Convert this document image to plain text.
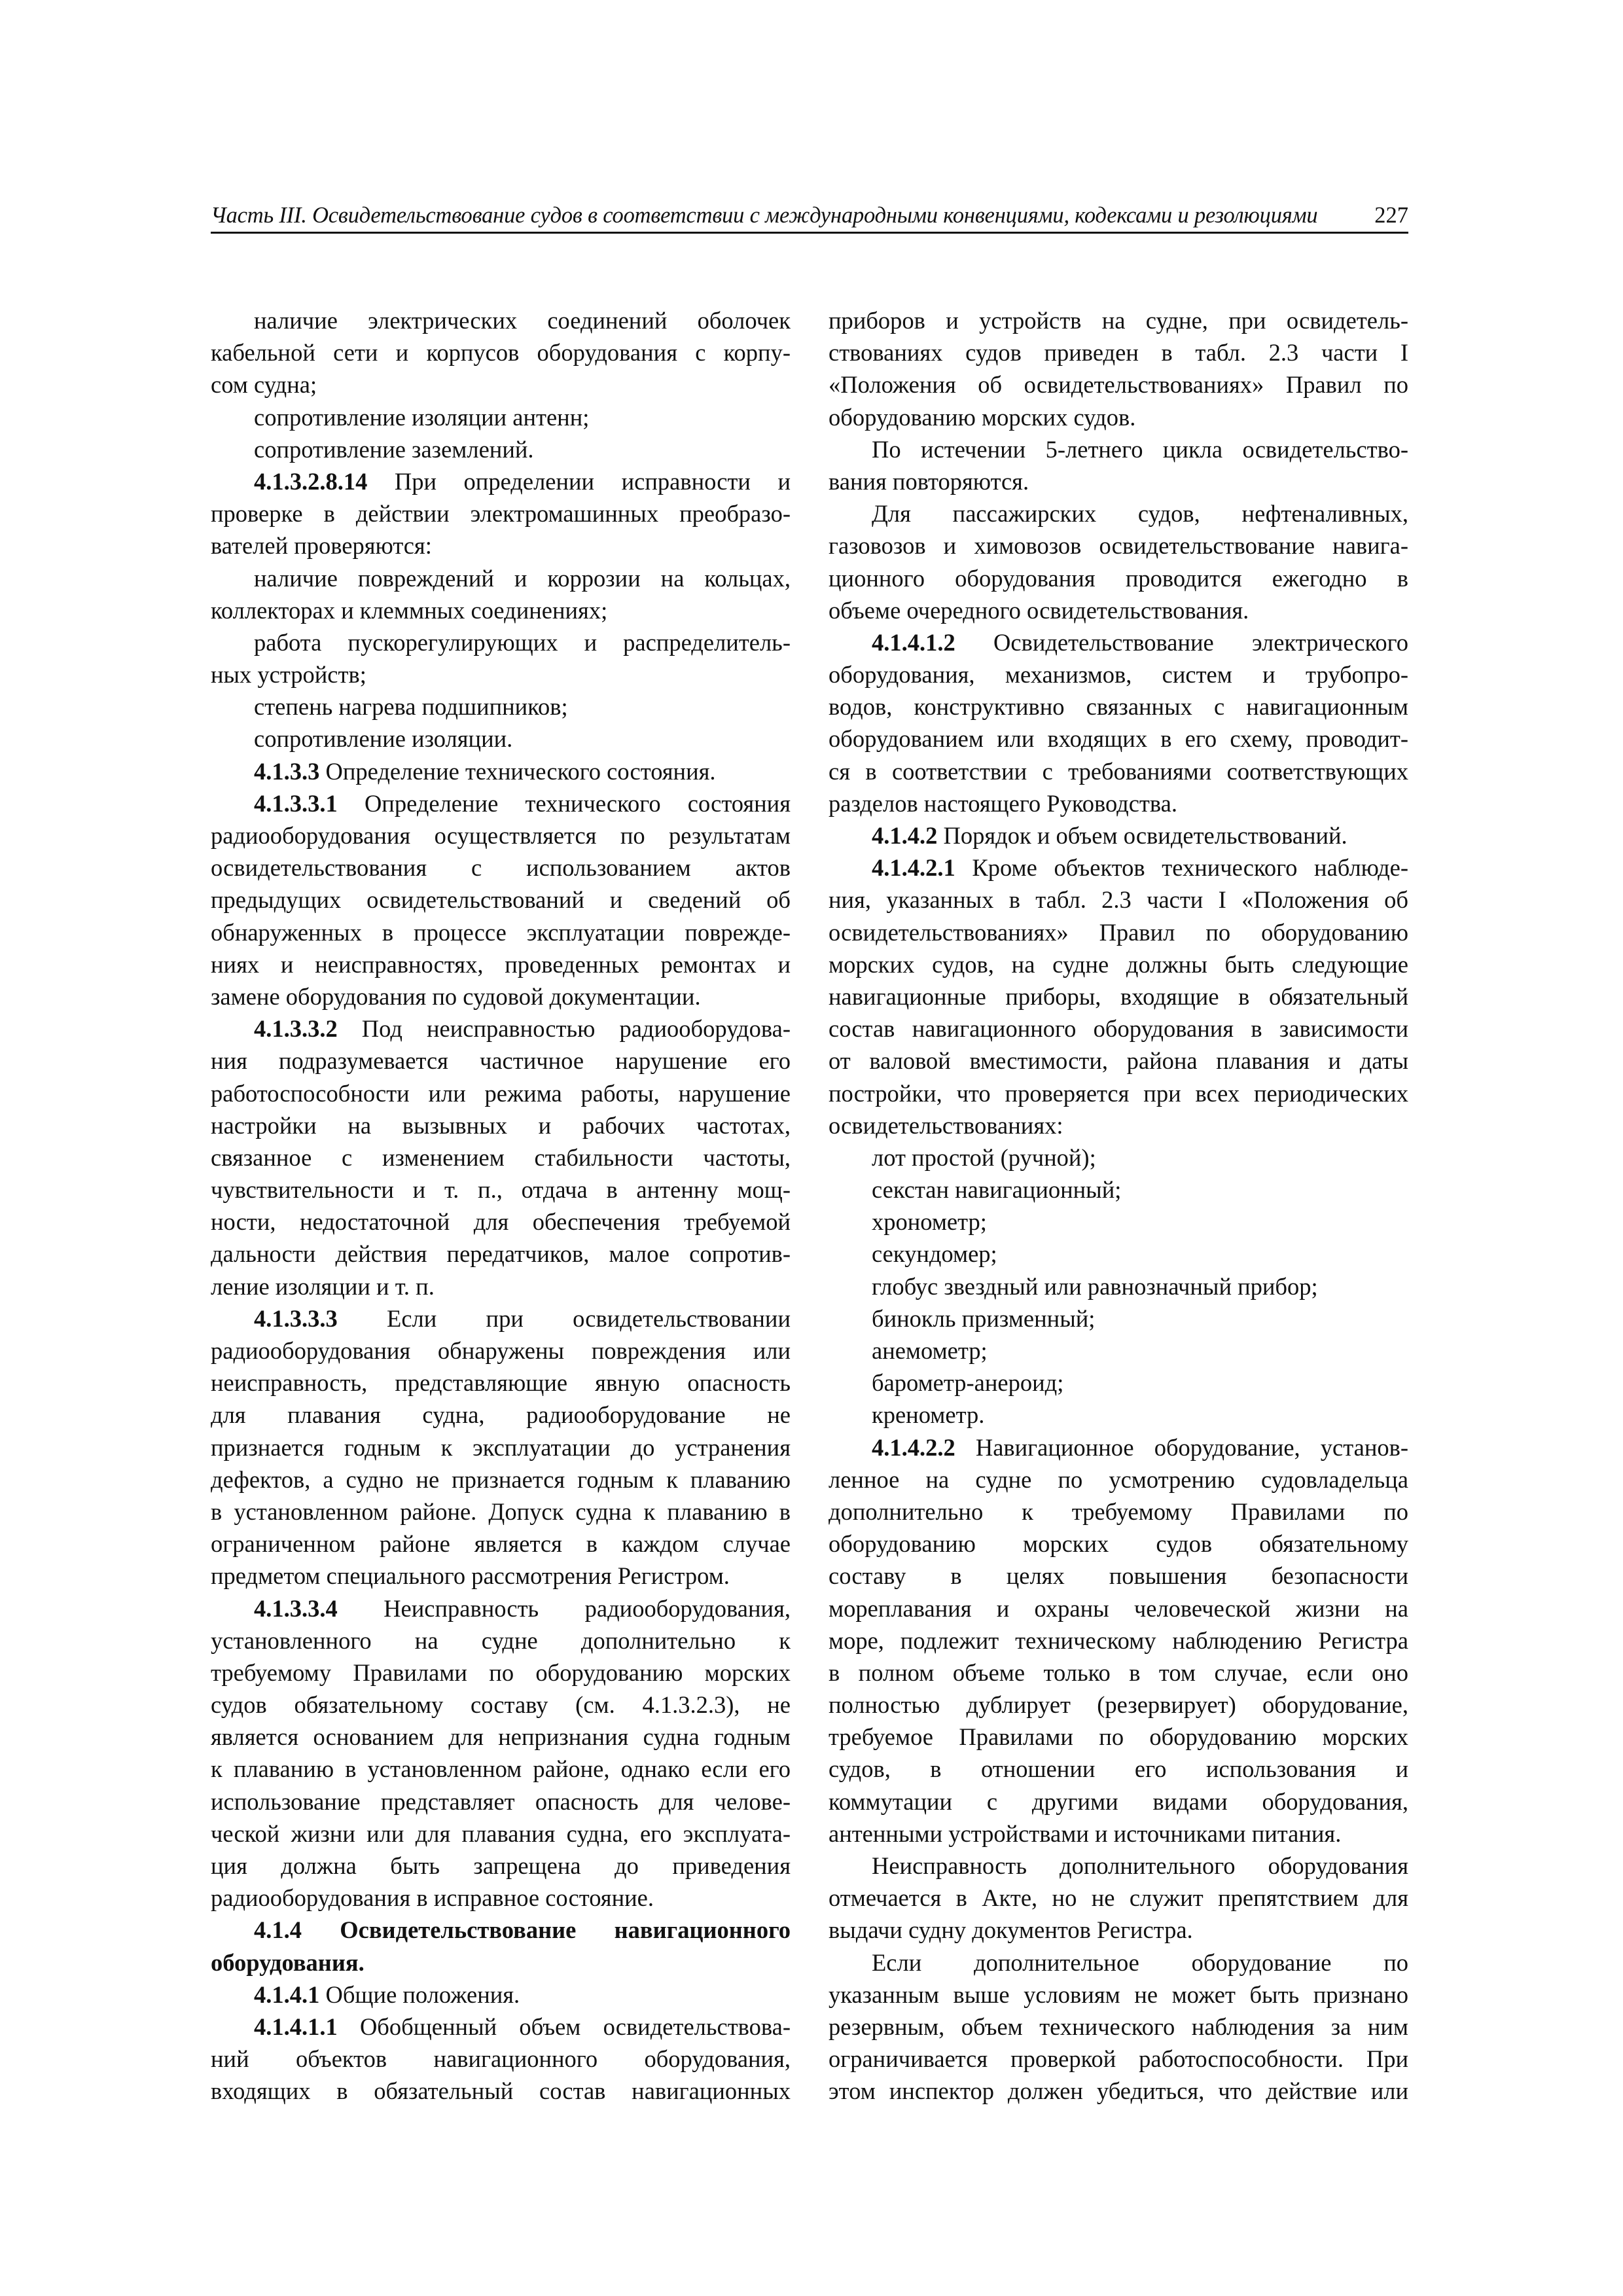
Часть III. Освидетельствование судов в соответствии с международными конвенциями, кодексами и резолюциями	227
наличие электрических соединений оболочек
кабельной сети и корпусов оборудования с корпу-
сом судна;
сопротивление изоляции антенн;
сопротивление заземлений.
4.1.3.2.8.14 При определении исправности и
проверке в действии электромашинных преобразо-
вателей проверяются:
наличие повреждений и коррозии на кольцах,
коллекторах и клеммных соединениях;
работа пускорегулирующих и распределитель-
ных устройств;
степень нагрева подшипников;
сопротивление изоляции.
4.1.3.3 Определение технического состояния.
4.1.3.3.1 Определение технического состояния
радиооборудования осуществляется по результатам
освидетельствования с использованием актов
предыдущих освидетельствований и сведений об
обнаруженных в процессе эксплуатации поврежде-
ниях и неисправностях, проведенных ремонтах и
замене оборудования по судовой документации.
4.1.3.3.2 Под неисправностью радиооборудова-
ния подразумевается частичное нарушение его
работоспособности или режима работы, нарушение
настройки на вызывных и рабочих частотах,
связанное с изменением стабильности частоты,
чувствительности и т. п., отдача в антенну мощ-
ности, недостаточной для обеспечения требуемой
дальности действия передатчиков, малое сопротив-
ление изоляции и т. п.
4.1.3.3.3 Если при освидетельствовании
радиооборудования обнаружены повреждения или
неисправность, представляющие явную опасность
для плавания судна, радиооборудование не
признается годным к эксплуатации до устранения
дефектов, а судно не признается годным к плаванию
в установленном районе. Допуск судна к плаванию в
ограниченном районе является в каждом случае
предметом специального рассмотрения Регистром.
4.1.3.3.4 Неисправность радиооборудования,
установленного на судне дополнительно к
требуемому Правилами по оборудованию морских
судов обязательному составу (см. 4.1.3.2.3), не
является основанием для непризнания судна годным
к плаванию в установленном районе, однако если его
использование представляет опасность для челове-
ческой жизни или для плавания судна, его эксплуата-
ция должна быть запрещена до приведения
радиооборудования в исправное состояние.
4.1.4 Освидетельствование навигационного
оборудования.
4.1.4.1 Общие положения.
4.1.4.1.1 Обобщенный объем освидетельствова-
ний объектов навигационного оборудования,
входящих в обязательный состав навигационных
приборов и устройств на судне, при освидетель-
ствованиях судов приведен в табл. 2.3 части I
«Положения об освидетельствованиях» Правил по
оборудованию морских судов.
По истечении 5-летнего цикла освидетельство-
вания повторяются.
Для пассажирских судов, нефтеналивных,
газовозов и химовозов освидетельствование навига-
ционного оборудования проводится ежегодно в
объеме очередного освидетельствования.
4.1.4.1.2 Освидетельствование электрического
оборудования, механизмов, систем и трубопро-
водов, конструктивно связанных с навигационным
оборудованием или входящих в его схему, проводит-
ся в соответствии с требованиями соответствующих
разделов настоящего Руководства.
4.1.4.2 Порядок и объем освидетельствований.
4.1.4.2.1 Кроме объектов технического наблюде-
ния, указанных в табл. 2.3 части I «Положения об
освидетельствованиях» Правил по оборудованию
морских судов, на судне должны быть следующие
навигационные приборы, входящие в обязательный
состав навигационного оборудования в зависимости
от валовой вместимости, района плавания и даты
постройки, что проверяется при всех периодических
освидетельствованиях:
лот простой (ручной);
секстан навигационный;
хронометр;
секундомер;
глобус звездный или равнозначный прибор;
бинокль призменный;
анемометр;
барометр-анероид;
кренометр.
4.1.4.2.2 Навигационное оборудование, установ-
ленное на судне по усмотрению судовладельца
дополнительно к требуемому Правилами по
оборудованию морских судов обязательному
составу в целях повышения безопасности
мореплавания и охраны человеческой жизни на
море, подлежит техническому наблюдению Регистра
в полном объеме только в том случае, если оно
полностью дублирует (резервирует) оборудование,
требуемое Правилами по оборудованию морских
судов, в отношении его использования и
коммутации с другими видами оборудования,
антенными устройствами и источниками питания.
Неисправность дополнительного оборудования
отмечается в Акте, но не служит препятствием для
выдачи судну документов Регистра.
Если дополнительное оборудование по
указанным выше условиям не может быть признано
резервным, объем технического наблюдения за ним
ограничивается проверкой работоспособности. При
этом инспектор должен убедиться, что действие или
